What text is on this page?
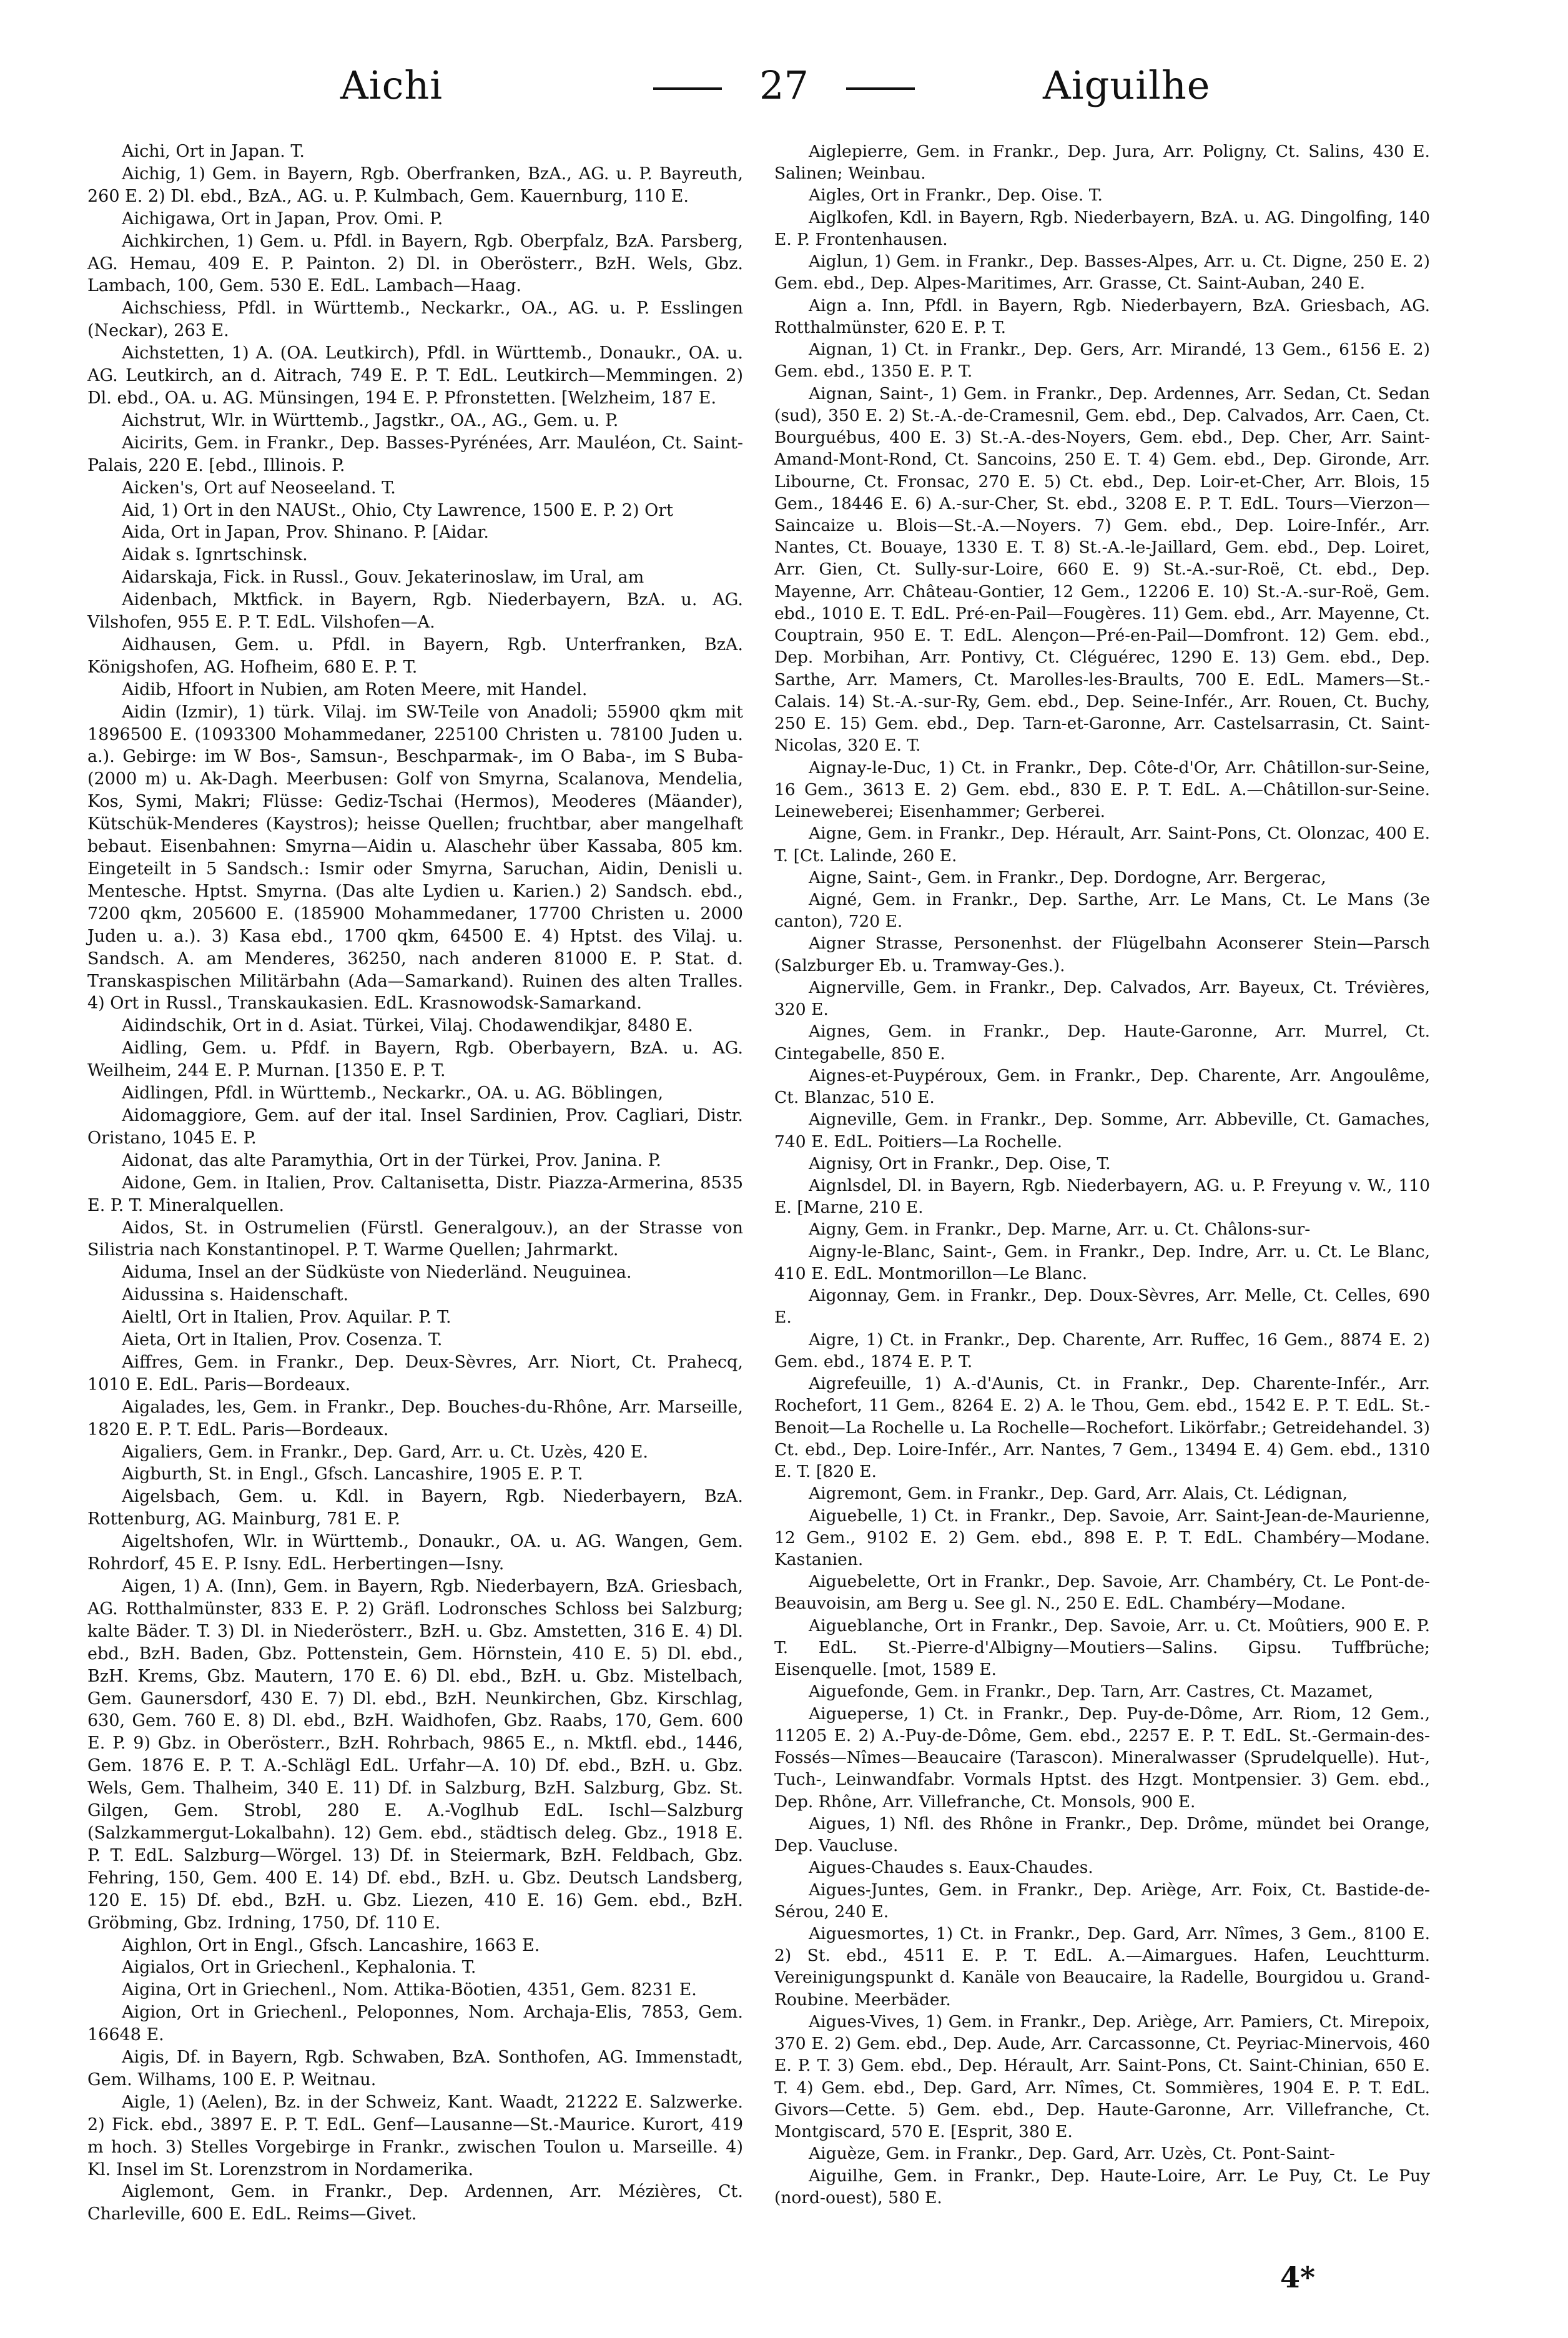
Aichi	27	Aiguilhe

Aichi, Ort in Japan. T.

Aichig, 1) Gem. in Bayern, Rgb. Oberfranken, BzA., AG. u. P. Bayreuth, 260 E. 2) Dl. ebd., BzA., AG. u. P. Kulmbach, Gem. Kauernburg, 110 E.

Aichigawa, Ort in Japan, Prov. Omi. P.

Aichkirchen, 1) Gem. u. Pfdl. in Bayern, Rgb. Oberpfalz, BzA. Parsberg, AG. Hemau, 409 E. P. Painton. 2) Dl. in Oberösterr., BzH. Wels, Gbz. Lambach, 100, Gem. 530 E. EdL. Lambach—Haag.

Aichschiess, Pfdl. in Württemb., Neckarkr., OA., AG. u. P. Esslingen (Neckar), 263 E.

Aichstetten, 1) A. (OA. Leutkirch), Pfdl. in Württemb., Donaukr., OA. u. AG. Leutkirch, an d. Aitrach, 749 E. P. T. EdL. Leutkirch—Memmingen. 2) Dl. ebd., OA. u. AG. Münsingen, 194 E. P. Pfronstetten. [Welzheim, 187 E.

Aichstrut, Wlr. in Württemb., Jagstkr., OA., AG., Gem. u. P.

Aicirits, Gem. in Frankr., Dep. Basses-Pyrénées, Arr. Mauléon, Ct. Saint-Palais, 220 E. [ebd., Illinois. P.

Aicken's, Ort auf Neoseeland. T.

Aid, 1) Ort in den NAUSt., Ohio, Cty Lawrence, 1500 E. P. 2) Ort

Aida, Ort in Japan, Prov. Shinano. P. [Aidar.

Aidak s. Ignrtschinsk.

Aidarskaja, Fick. in Russl., Gouv. Jekaterinoslaw, im Ural, am

Aidenbach, Mktfick. in Bayern, Rgb. Niederbayern, BzA. u. AG. Vilshofen, 955 E. P. T. EdL. Vilshofen—A.

Aidhausen, Gem. u. Pfdl. in Bayern, Rgb. Unterfranken, BzA. Königshofen, AG. Hofheim, 680 E. P. T.

Aidib, Hfoort in Nubien, am Roten Meere, mit Handel.

Aidin (Izmir), 1) türk. Vilaj. im SW-Teile von Anadoli; 55900 qkm mit 1896500 E. (1093300 Mohammedaner, 225100 Christen u. 78100 Juden u. a.). Gebirge: im W Bos-, Samsun-, Beschparmak-, im O Baba-, im S Buba- (2000 m) u. Ak-Dagh. Meerbusen: Golf von Smyrna, Scalanova, Mendelia, Kos, Symi, Makri; Flüsse: Gediz-Tschai (Hermos), Meoderes (Mäander), Kütschük-Menderes (Kaystros); heisse Quellen; fruchtbar, aber mangelhaft bebaut. Eisenbahnen: Smyrna—Aidin u. Alaschehr über Kassaba, 805 km. Eingeteilt in 5 Sandsch.: Ismir oder Smyrna, Saruchan, Aidin, Denisli u. Mentesche. Hptst. Smyrna. (Das alte Lydien u. Karien.) 2) Sandsch. ebd., 7200 qkm, 205600 E. (185900 Mohammedaner, 17700 Christen u. 2000 Juden u. a.). 3) Kasa ebd., 1700 qkm, 64500 E. 4) Hptst. des Vilaj. u. Sandsch. A. am Menderes, 36250, nach anderen 81000 E. P. Stat. d. Transkaspischen Militärbahn (Ada—Samarkand). Ruinen des alten Tralles. 4) Ort in Russl., Transkaukasien. EdL. Krasnowodsk-Samarkand.

Aidindschik, Ort in d. Asiat. Türkei, Vilaj. Chodawendikjar, 8480 E.

Aidling, Gem. u. Pfdf. in Bayern, Rgb. Oberbayern, BzA. u. AG. Weilheim, 244 E. P. Murnan. [1350 E. P. T.

Aidlingen, Pfdl. in Württemb., Neckarkr., OA. u. AG. Böblingen,

Aidomaggiore, Gem. auf der ital. Insel Sardinien, Prov. Cagliari, Distr. Oristano, 1045 E. P.

Aidonat, das alte Paramythia, Ort in der Türkei, Prov. Janina. P.

Aidone, Gem. in Italien, Prov. Caltanisetta, Distr. Piazza-Armerina, 8535 E. P. T. Mineralquellen.

Aidos, St. in Ostrumelien (Fürstl. Generalgouv.), an der Strasse von Silistria nach Konstantinopel. P. T. Warme Quellen; Jahrmarkt.

Aiduma, Insel an der Südküste von Niederländ. Neuguinea.

Aidussina s. Haidenschaft.

Aieltl, Ort in Italien, Prov. Aquilar. P. T.

Aieta, Ort in Italien, Prov. Cosenza. T.

Aiffres, Gem. in Frankr., Dep. Deux-Sèvres, Arr. Niort, Ct. Prahecq, 1010 E. EdL. Paris—Bordeaux.

Aigalades, les, Gem. in Frankr., Dep. Bouches-du-Rhône, Arr. Marseille, 1820 E. P. T. EdL. Paris—Bordeaux.

Aigaliers, Gem. in Frankr., Dep. Gard, Arr. u. Ct. Uzès, 420 E.

Aigburth, St. in Engl., Gfsch. Lancashire, 1905 E. P. T.

Aigelsbach, Gem. u. Kdl. in Bayern, Rgb. Niederbayern, BzA. Rottenburg, AG. Mainburg, 781 E. P.

Aigeltshofen, Wlr. in Württemb., Donaukr., OA. u. AG. Wangen, Gem. Rohrdorf, 45 E. P. Isny. EdL. Herbertingen—Isny.

Aigen, 1) A. (Inn), Gem. in Bayern, Rgb. Niederbayern, BzA. Griesbach, AG. Rotthalmünster, 833 E. P. 2) Gräfl. Lodronsches Schloss bei Salzburg; kalte Bäder. T. 3) Dl. in Niederösterr., BzH. u. Gbz. Amstetten, 316 E. 4) Dl. ebd., BzH. Baden, Gbz. Pottenstein, Gem. Hörnstein, 410 E. 5) Dl. ebd., BzH. Krems, Gbz. Mautern, 170 E. 6) Dl. ebd., BzH. u. Gbz. Mistelbach, Gem. Gaunersdorf, 430 E. 7) Dl. ebd., BzH. Neunkirchen, Gbz. Kirschlag, 630, Gem. 760 E. 8) Dl. ebd., BzH. Waidhofen, Gbz. Raabs, 170, Gem. 600 E. P. 9) Gbz. in Oberösterr., BzH. Rohrbach, 9865 E., n. Mktfl. ebd., 1446, Gem. 1876 E. P. T. A.-Schlägl EdL. Urfahr—A. 10) Df. ebd., BzH. u. Gbz. Wels, Gem. Thalheim, 340 E. 11) Df. in Salzburg, BzH. Salzburg, Gbz. St. Gilgen, Gem. Strobl, 280 E. A.-Voglhub EdL. Ischl—Salzburg (Salzkammergut-Lokalbahn). 12) Gem. ebd., städtisch deleg. Gbz., 1918 E. P. T. EdL. Salzburg—Wörgel. 13) Df. in Steiermark, BzH. Feldbach, Gbz. Fehring, 150, Gem. 400 E. 14) Df. ebd., BzH. u. Gbz. Deutsch Landsberg, 120 E. 15) Df. ebd., BzH. u. Gbz. Liezen, 410 E. 16) Gem. ebd., BzH. Gröbming, Gbz. Irdning, 1750, Df. 110 E.

Aighlon, Ort in Engl., Gfsch. Lancashire, 1663 E.

Aigialos, Ort in Griechenl., Kephalonia. T.

Aigina, Ort in Griechenl., Nom. Attika-Böotien, 4351, Gem. 8231 E.

Aigion, Ort in Griechenl., Peloponnes, Nom. Archaja-Elis, 7853, Gem. 16648 E.

Aigis, Df. in Bayern, Rgb. Schwaben, BzA. Sonthofen, AG. Immenstadt, Gem. Wilhams, 100 E. P. Weitnau.

Aigle, 1) (Aelen), Bz. in der Schweiz, Kant. Waadt, 21222 E. Salzwerke. 2) Fick. ebd., 3897 E. P. T. EdL. Genf—Lausanne—St.-Maurice. Kurort, 419 m hoch. 3) Stelles Vorgebirge in Frankr., zwischen Toulon u. Marseille. 4) Kl. Insel im St. Lorenzstrom in Nordamerika.

Aiglemont, Gem. in Frankr., Dep. Ardennen, Arr. Mézières, Ct. Charleville, 600 E. EdL. Reims—Givet.

Aiglepierre, Gem. in Frankr., Dep. Jura, Arr. Poligny, Ct. Salins, 430 E. Salinen; Weinbau.

Aigles, Ort in Frankr., Dep. Oise. T.

Aiglkofen, Kdl. in Bayern, Rgb. Niederbayern, BzA. u. AG. Dingolfing, 140 E. P. Frontenhausen.

Aiglun, 1) Gem. in Frankr., Dep. Basses-Alpes, Arr. u. Ct. Digne, 250 E. 2) Gem. ebd., Dep. Alpes-Maritimes, Arr. Grasse, Ct. Saint-Auban, 240 E.

Aign a. Inn, Pfdl. in Bayern, Rgb. Niederbayern, BzA. Griesbach, AG. Rotthalmünster, 620 E. P. T.

Aignan, 1) Ct. in Frankr., Dep. Gers, Arr. Mirandé, 13 Gem., 6156 E. 2) Gem. ebd., 1350 E. P. T.

Aignan, Saint-, 1) Gem. in Frankr., Dep. Ardennes, Arr. Sedan, Ct. Sedan (sud), 350 E. 2) St.-A.-de-Cramesnil, Gem. ebd., Dep. Calvados, Arr. Caen, Ct. Bourguébus, 400 E. 3) St.-A.-des-Noyers, Gem. ebd., Dep. Cher, Arr. Saint-Amand-Mont-Rond, Ct. Sancoins, 250 E. T. 4) Gem. ebd., Dep. Gironde, Arr. Libourne, Ct. Fronsac, 270 E. 5) Ct. ebd., Dep. Loir-et-Cher, Arr. Blois, 15 Gem., 18446 E. 6) A.-sur-Cher, St. ebd., 3208 E. P. T. EdL. Tours—Vierzon—Saincaize u. Blois—St.-A.—Noyers. 7) Gem. ebd., Dep. Loire-Infér., Arr. Nantes, Ct. Bouaye, 1330 E. T. 8) St.-A.-le-Jaillard, Gem. ebd., Dep. Loiret, Arr. Gien, Ct. Sully-sur-Loire, 660 E. 9) St.-A.-sur-Roë, Ct. ebd., Dep. Mayenne, Arr. Château-Gontier, 12 Gem., 12206 E. 10) St.-A.-sur-Roë, Gem. ebd., 1010 E. T. EdL. Pré-en-Pail—Fougères. 11) Gem. ebd., Arr. Mayenne, Ct. Couptrain, 950 E. T. EdL. Alençon—Pré-en-Pail—Domfront. 12) Gem. ebd., Dep. Morbihan, Arr. Pontivy, Ct. Cléguérec, 1290 E. 13) Gem. ebd., Dep. Sarthe, Arr. Mamers, Ct. Marolles-les-Braults, 700 E. EdL. Mamers—St.-Calais. 14) St.-A.-sur-Ry, Gem. ebd., Dep. Seine-Infér., Arr. Rouen, Ct. Buchy, 250 E. 15) Gem. ebd., Dep. Tarn-et-Garonne, Arr. Castelsarrasin, Ct. Saint-Nicolas, 320 E. T.

Aignay-le-Duc, 1) Ct. in Frankr., Dep. Côte-d'Or, Arr. Châtillon-sur-Seine, 16 Gem., 3613 E. 2) Gem. ebd., 830 E. P. T. EdL. A.—Châtillon-sur-Seine. Leineweberei; Eisenhammer; Gerberei.

Aigne, Gem. in Frankr., Dep. Hérault, Arr. Saint-Pons, Ct. Olonzac, 400 E. T. [Ct. Lalinde, 260 E.

Aigne, Saint-, Gem. in Frankr., Dep. Dordogne, Arr. Bergerac,

Aigné, Gem. in Frankr., Dep. Sarthe, Arr. Le Mans, Ct. Le Mans (3e canton), 720 E.

Aigner Strasse, Personenhst. der Flügelbahn Aconserer Stein—Parsch (Salzburger Eb. u. Tramway-Ges.).

Aignerville, Gem. in Frankr., Dep. Calvados, Arr. Bayeux, Ct. Trévières, 320 E.

Aignes, Gem. in Frankr., Dep. Haute-Garonne, Arr. Murrel, Ct. Cintegabelle, 850 E.

Aignes-et-Puypéroux, Gem. in Frankr., Dep. Charente, Arr. Angoulême, Ct. Blanzac, 510 E.

Aigneville, Gem. in Frankr., Dep. Somme, Arr. Abbeville, Ct. Gamaches, 740 E. EdL. Poitiers—La Rochelle.

Aignisy, Ort in Frankr., Dep. Oise, T.

Aignlsdel, Dl. in Bayern, Rgb. Niederbayern, AG. u. P. Freyung v. W., 110 E. [Marne, 210 E.

Aigny, Gem. in Frankr., Dep. Marne, Arr. u. Ct. Châlons-sur-

Aigny-le-Blanc, Saint-, Gem. in Frankr., Dep. Indre, Arr. u. Ct. Le Blanc, 410 E. EdL. Montmorillon—Le Blanc.

Aigonnay, Gem. in Frankr., Dep. Doux-Sèvres, Arr. Melle, Ct. Celles, 690 E.

Aigre, 1) Ct. in Frankr., Dep. Charente, Arr. Ruffec, 16 Gem., 8874 E. 2) Gem. ebd., 1874 E. P. T.

Aigrefeuille, 1) A.-d'Aunis, Ct. in Frankr., Dep. Charente-Infér., Arr. Rochefort, 11 Gem., 8264 E. 2) A. le Thou, Gem. ebd., 1542 E. P. T. EdL. St.-Benoit—La Rochelle u. La Rochelle—Rochefort. Likörfabr.; Getreidehandel. 3) Ct. ebd., Dep. Loire-Infér., Arr. Nantes, 7 Gem., 13494 E. 4) Gem. ebd., 1310 E. T. [820 E.

Aigremont, Gem. in Frankr., Dep. Gard, Arr. Alais, Ct. Lédignan,

Aiguebelle, 1) Ct. in Frankr., Dep. Savoie, Arr. Saint-Jean-de-Maurienne, 12 Gem., 9102 E. 2) Gem. ebd., 898 E. P. T. EdL. Chambéry—Modane. Kastanien.

Aiguebelette, Ort in Frankr., Dep. Savoie, Arr. Chambéry, Ct. Le Pont-de-Beauvoisin, am Berg u. See gl. N., 250 E. EdL. Chambéry—Modane.

Aigueblanche, Ort in Frankr., Dep. Savoie, Arr. u. Ct. Moûtiers, 900 E. P. T. EdL. St.-Pierre-d'Albigny—Moutiers—Salins. Gipsu. Tuffbrüche; Eisenquelle. [mot, 1589 E.

Aiguefonde, Gem. in Frankr., Dep. Tarn, Arr. Castres, Ct. Mazamet,

Aigueperse, 1) Ct. in Frankr., Dep. Puy-de-Dôme, Arr. Riom, 12 Gem., 11205 E. 2) A.-Puy-de-Dôme, Gem. ebd., 2257 E. P. T. EdL. St.-Germain-des-Fossés—Nîmes—Beaucaire (Tarascon). Mineralwasser (Sprudelquelle). Hut-, Tuch-, Leinwandfabr. Vormals Hptst. des Hzgt. Montpensier. 3) Gem. ebd., Dep. Rhône, Arr. Villefranche, Ct. Monsols, 900 E.

Aigues, 1) Nfl. des Rhône in Frankr., Dep. Drôme, mündet bei Orange, Dep. Vaucluse.

Aigues-Chaudes s. Eaux-Chaudes.

Aigues-Juntes, Gem. in Frankr., Dep. Ariège, Arr. Foix, Ct. Bastide-de-Sérou, 240 E.

Aiguesmortes, 1) Ct. in Frankr., Dep. Gard, Arr. Nîmes, 3 Gem., 8100 E. 2) St. ebd., 4511 E. P. T. EdL. A.—Aimargues. Hafen, Leuchtturm. Vereinigungspunkt d. Kanäle von Beaucaire, la Radelle, Bourgidou u. Grand-Roubine. Meerbäder.

Aigues-Vives, 1) Gem. in Frankr., Dep. Ariège, Arr. Pamiers, Ct. Mirepoix, 370 E. 2) Gem. ebd., Dep. Aude, Arr. Carcassonne, Ct. Peyriac-Minervois, 460 E. P. T. 3) Gem. ebd., Dep. Hérault, Arr. Saint-Pons, Ct. Saint-Chinian, 650 E. T. 4) Gem. ebd., Dep. Gard, Arr. Nîmes, Ct. Sommières, 1904 E. P. T. EdL. Givors—Cette. 5) Gem. ebd., Dep. Haute-Garonne, Arr. Villefranche, Ct. Montgiscard, 570 E. [Esprit, 380 E.

Aiguèze, Gem. in Frankr., Dep. Gard, Arr. Uzès, Ct. Pont-Saint-

Aiguilhe, Gem. in Frankr., Dep. Haute-Loire, Arr. Le Puy, Ct. Le Puy (nord-ouest), 580 E.

4*
